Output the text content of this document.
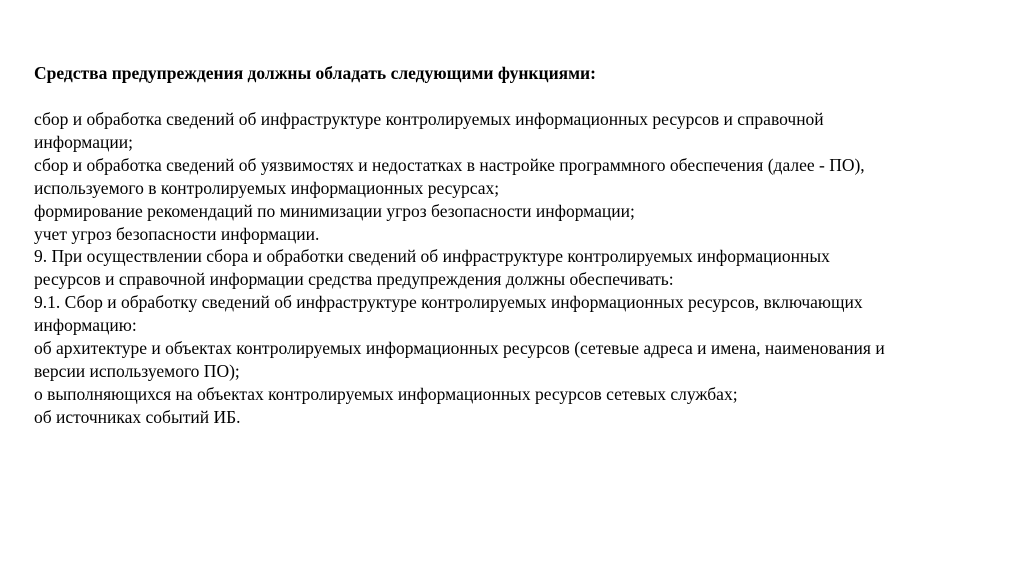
Средства предупреждения должны обладать следующими функциями:

сбор и обработка сведений об инфраструктуре контролируемых информационных ресурсов и справочной

информации;

сбор и обработка сведений об уязвимостях и недостатках в настройке программного обеспечения (далее - ПО),

используемого в контролируемых информационных ресурсах;

формирование рекомендаций по минимизации угроз безопасности информации;

учет угроз безопасности информации.

9. При осуществлении сбора и обработки сведений об инфраструктуре контролируемых информационных

ресурсов и справочной информации средства предупреждения должны обеспечивать:

9.1. Сбор и обработку сведений об инфраструктуре контролируемых информационных ресурсов, включающих

информацию:

об архитектуре и объектах контролируемых информационных ресурсов (сетевые адреса и имена, наименования и

версии используемого ПО);

о выполняющихся на объектах контролируемых информационных ресурсов сетевых службах;

об источниках событий ИБ.
